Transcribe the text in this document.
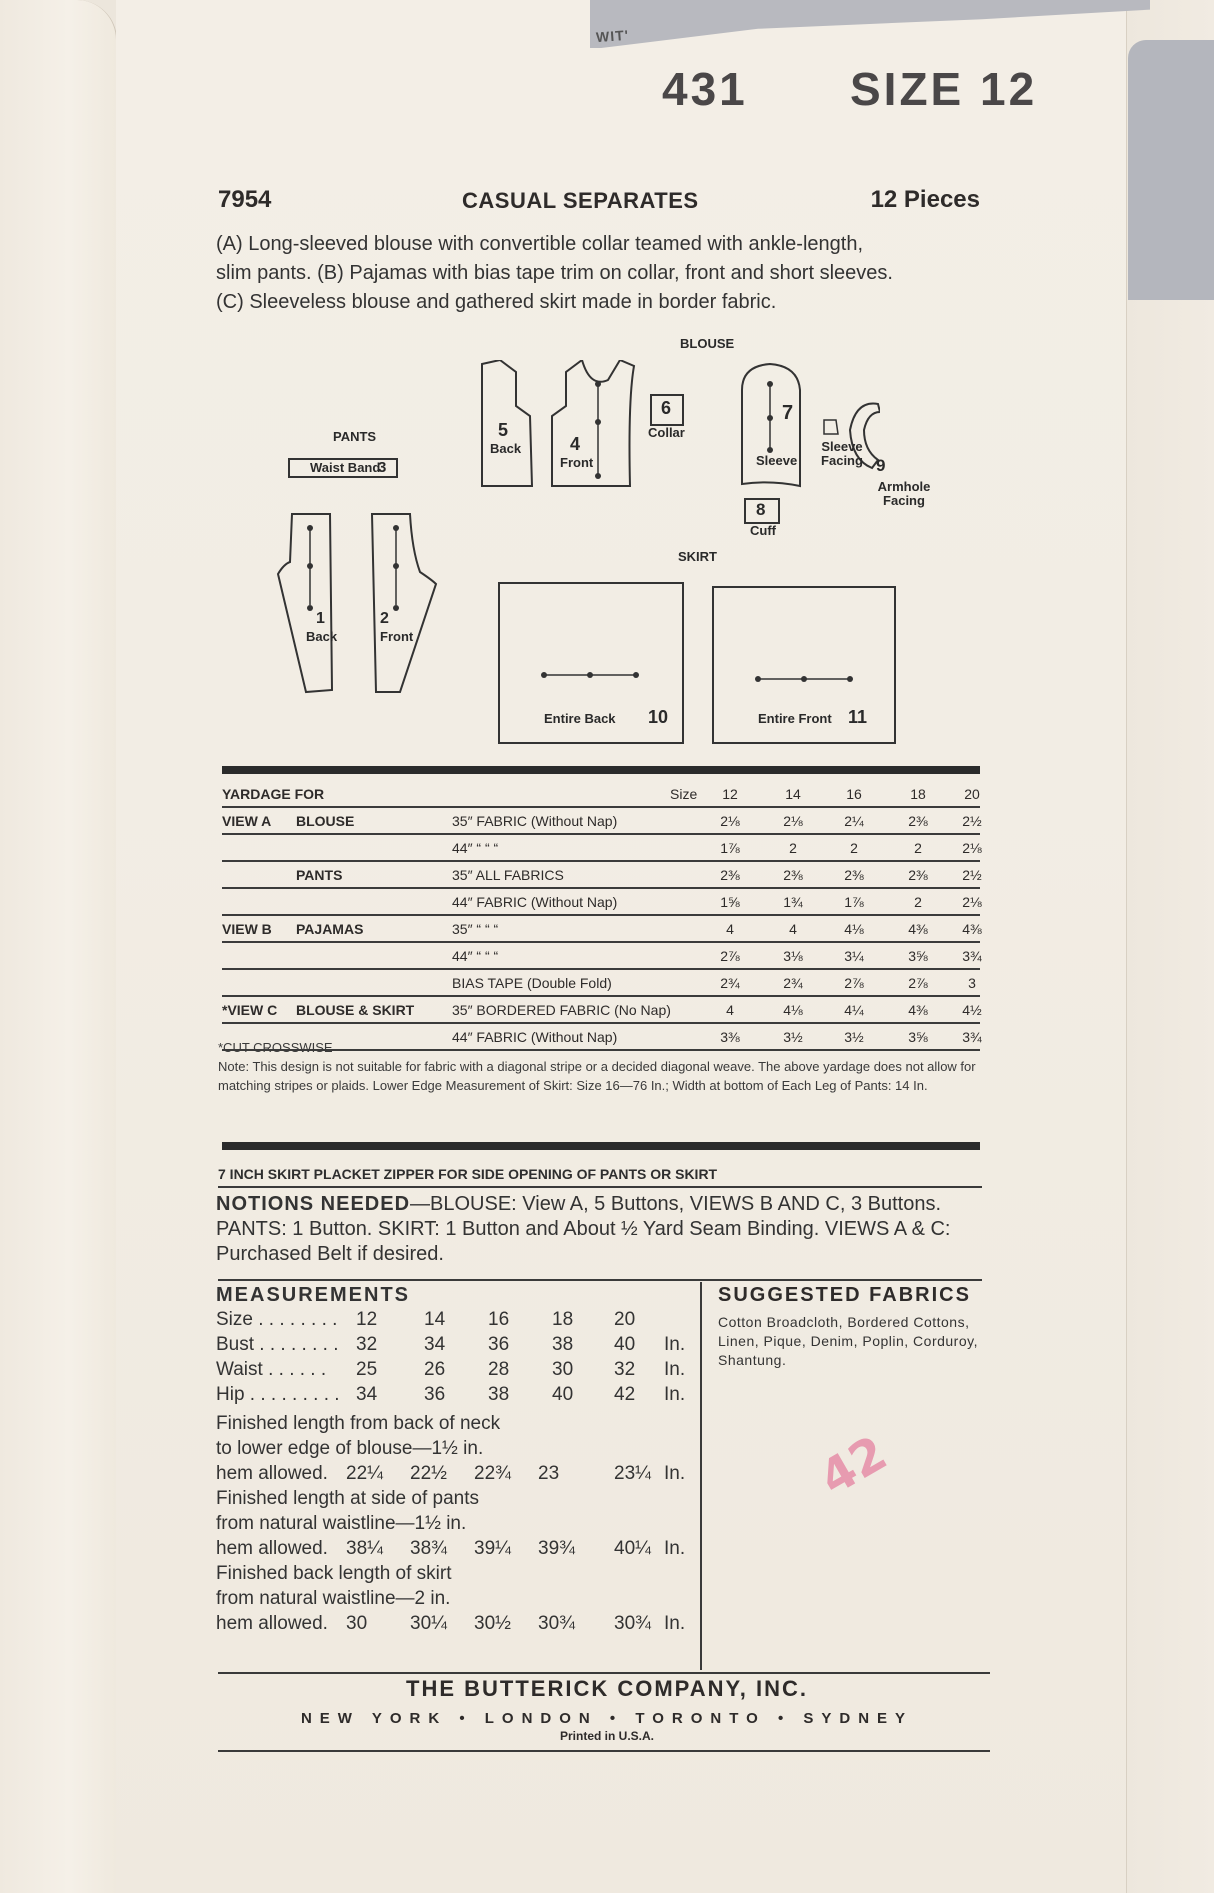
WIT'
431 SIZE 12
7954	CASUAL SEPARATES	12 Pieces

(A) Long-sleeved blouse with convertible collar teamed with ankle-length,

slim pants. (B) Pajamas with bias tape trim on collar, front and short sleeves.

(C) Sleeveless blouse and gathered skirt made in border fabric.

BLOUSE
PANTS
SKIRT
Waist Band
3
1
Back
2
Front
5
Back	4
Front
6
Collar
7
Sleeve
Sleeve Facing 9
Armhole Facing
8
Cuff
Entire Back 10	Entire Front 11
YARDAGE FOR	Size	12	14	16	18	20
VIEW A BLOUSE	35″ FABRIC (Without Nap)	2⅛	2⅛	2¼	2⅜	2½
44″ “ “ “	1⅞	2	2	2	2⅛
PANTS	35″ ALL FABRICS	2⅜	2⅜	2⅜	2⅜	2½
44″ FABRIC (Without Nap)	1⅝	1¾	1⅞	2	2⅛
VIEW B PAJAMAS	35″ “ “ “	4	4	4⅛	4⅜	4⅜
44″ “ “ “	2⅞	3⅛	3¼	3⅝	3¾
BIAS TAPE (Double Fold)	2¾	2¾	2⅞	2⅞	3
*VIEW C BLOUSE & SKIRT	35″ BORDERED FABRIC (No Nap)	4	4⅛	4¼	4⅜	4½
44″ FABRIC (Without Nap)	3⅜	3½	3½	3⅝	3¾

*CUT CROSSWISE

Note: This design is not suitable for fabric with a diagonal stripe or a decided diagonal weave. The above yardage does not allow for matching stripes or plaids. Lower Edge Measurement of Skirt: Size 16—76 In.; Width at bottom of Each Leg of Pants: 14 In.

7 INCH SKIRT PLACKET ZIPPER FOR SIDE OPENING OF PANTS OR SKIRT
NOTIONS NEEDED—BLOUSE: View A, 5 Buttons, VIEWS B AND C, 3 Buttons. PANTS: 1 Button. SKIRT: 1 Button and About ½ Yard Seam Binding. VIEWS A & C: Purchased Belt if desired.
MEASUREMENTS
Size . . . . . . . . 12 14 16 18 20
Bust . . . . . . . . 32 34 36 38 40 In.
Waist . . . . . . 25 26 28 30 32 In.
Hip . . . . . . . . . 34 36 38 40 42 In.
Finished length from back of neck
to lower edge of blouse—1½ in.
hem allowed. 22¼ 22½ 22¾ 23	23¼ In.
Finished length at side of pants
from natural waistline—1½ in.
hem allowed. 38¼ 38¾ 39¼ 39¾ 40¼ In.
Finished back length of skirt
from natural waistline—2 in.
hem allowed. 30 30¼ 30½ 30¾ 30¾ In.
SUGGESTED FABRICS
Cotton Broadcloth, Bordered Cottons, Linen, Pique, Denim, Poplin, Corduroy, Shantung.
42
THE BUTTERICK COMPANY, INC.
NEW YORK • LONDON • TORONTO • SYDNEY
Printed in U.S.A.
